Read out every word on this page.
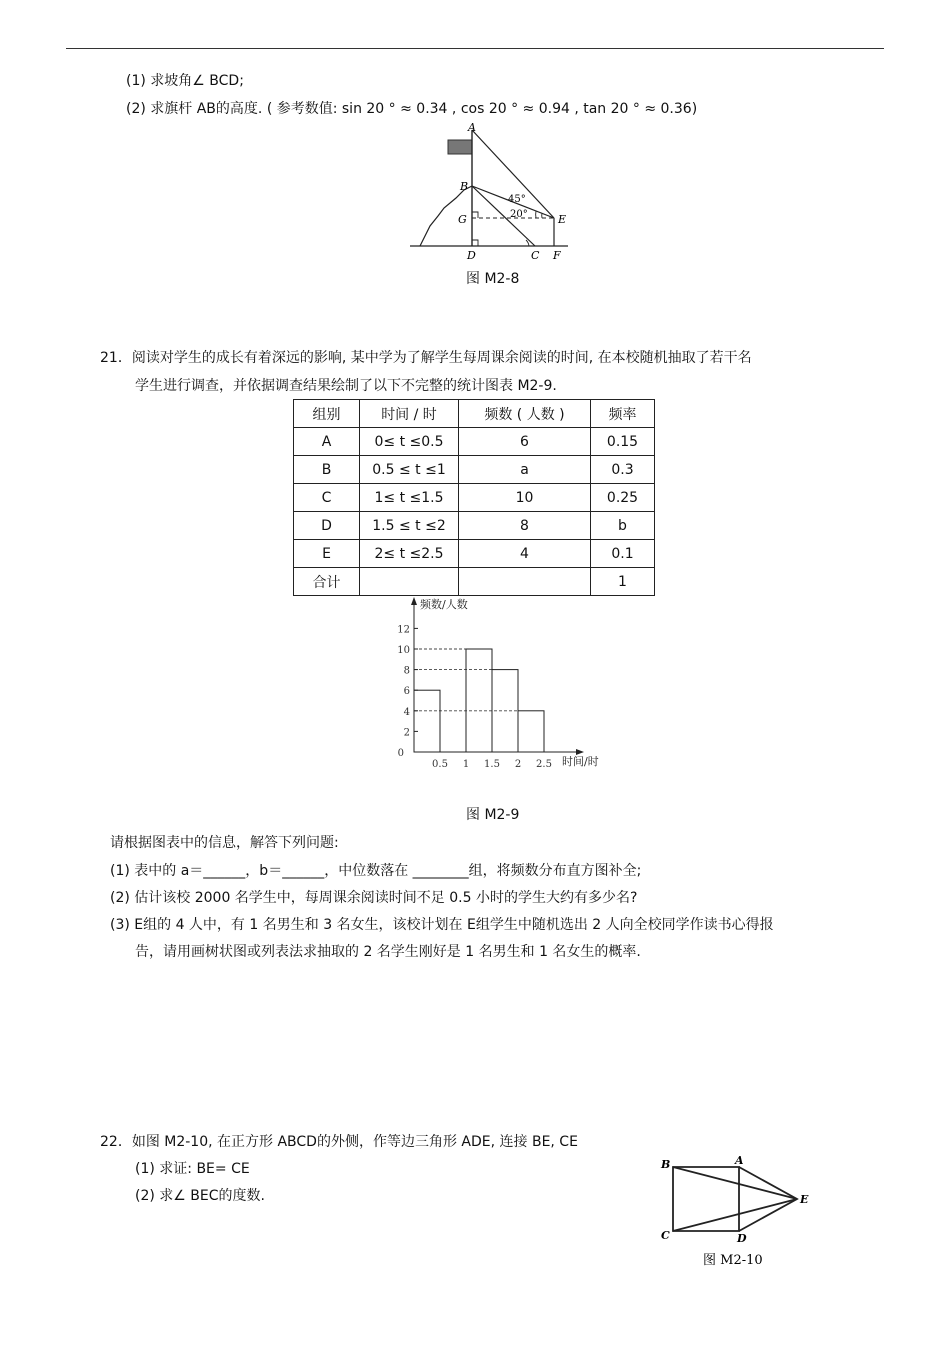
(1) 求坡角∠ BCD;
(2) 求旗杆 AB的高度. ( 参考数值: sin 20 ° ≈ 0.34 , cos 20 ° ≈ 0.94 , tan 20 ° ≈ 0.36)
A
B
G	E
D	C F
45°
20°
图 M2-8
21．阅读对学生的成长有着深远的影响, 某中学为了解学生每周课余阅读的时间, 在本校随机抽取了若干名
学生进行调查，并依据调查结果绘制了以下不完整的统计图表 M2-9.
组别	时间 / 时	频数 ( 人数 )	频率
A	0≤ t ≤0.5	6	0.15
B	0.5 ≤ t ≤1	a	0.3
C	1≤ t ≤1.5	10	0.25
D	1.5 ≤ t ≤2	8	b
E	2≤ t ≤2.5	4	0.1
合计			1
0
2
4
6
8
10
12
0.5 1 1.5 2 2.5
频数/人数
时间/时
图 M2-9
请根据图表中的信息，解答下列问题:
(1) 表中的 a＝______，b＝______，中位数落在 ________组，将频数分布直方图补全;
(2) 估计该校 2000 名学生中，每周课余阅读时间不足 0.5 小时的学生大约有多少名?
(3) E组的 4 人中，有 1 名男生和 3 名女生，该校计划在 E组学生中随机选出 2 人向全校同学作读书心得报
告，请用画树状图或列表法求抽取的 2 名学生刚好是 1 名男生和 1 名女生的概率.
22．如图 M2-10, 在正方形 ABCD的外侧，作等边三角形 ADE, 连接 BE, CE
(1) 求证: BE= CE
(2) 求∠ BEC的度数.
B	A
E
C	D
图 M2-10
